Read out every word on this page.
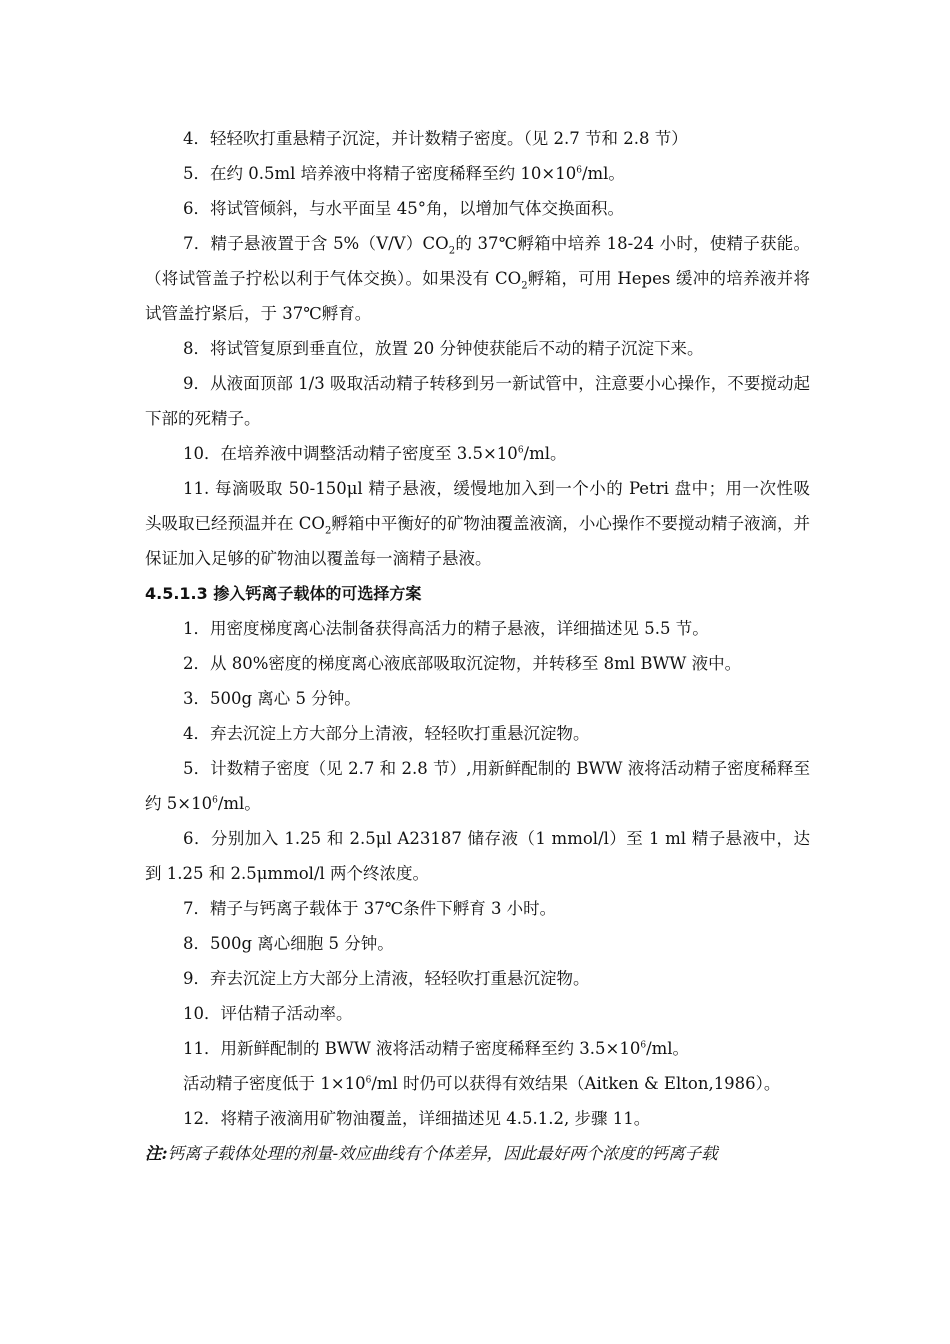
4．轻轻吹打重悬精子沉淀，并计数精子密度。（见 2.7 节和 2.8 节）

5．在约 0.5ml 培养液中将精子密度稀释至约 $10\times 10^6/ml$。

6．将试管倾斜，与水平面呈 45°角，以增加气体交换面积。

7．精子悬液置于含 $5\%(V/V)CO_2$的 37℃孵箱中培养 18-24 小时，使精子获能。（将试管盖子拧松以利于气体交换）。如果没有 $CO_2$孵箱，可用 Hepes 缓冲的培养液并将试管盖拧紧后，于 37℃孵育。

8．将试管复原到垂直位，放置 20 分钟使获能后不动的精子沉淀下来。

9．从液面顶部 1/3 吸取活动精子转移到另一新试管中，注意要小心操作，不要搅动起下部的死精子。

10．在培养液中调整活动精子密度至 $3.5\times 10^6/ml$。

11. 每滴吸取 50-150μl 精子悬液，缓慢地加入到一个小的 Petri 盘中；用一次性吸头吸取已经预温并在 $CO_2$孵箱中平衡好的矿物油覆盖液滴，小心操作不要搅动精子液滴，并保证加入足够的矿物油以覆盖每一滴精子悬液。

4.5.1.3 掺入钙离子载体的可选择方案

1．用密度梯度离心法制备获得高活力的精子悬液，详细描述见 5.5 节。

2．从 80%密度的梯度离心液底部吸取沉淀物，并转移至 8ml BWW 液中。

3．500g 离心 5 分钟。

4．弃去沉淀上方大部分上清液，轻轻吹打重悬沉淀物。

5．计数精子密度（见 2.7 和 2.8 节）,用新鲜配制的 BWW 液将活动精子密度稀释至约 $5\times 10^6/ml$。

6．分别加入 1.25 和 2.5μl A23187 储存液（1 mmol/l）至 1 ml 精子悬液中，达到 1.25 和 2.5μmmol/l 两个终浓度。

7．精子与钙离子载体于 37℃条件下孵育 3 小时。

8．500g 离心细胞 5 分钟。

9．弃去沉淀上方大部分上清液，轻轻吹打重悬沉淀物。

10．评估精子活动率。

11．用新鲜配制的 BWW 液将活动精子密度稀释至约 $3.5\times 10^6/ml$。

活动精子密度低于 $1\times 10^6/ml$ 时仍可以获得有效结果（Aitken & Elton,1986）。

12．将精子液滴用矿物油覆盖，详细描述见 4.5.1.2, 步骤 11。

注:钙离子载体处理的剂量-效应曲线有个体差异，因此最好两个浓度的钙离子载
